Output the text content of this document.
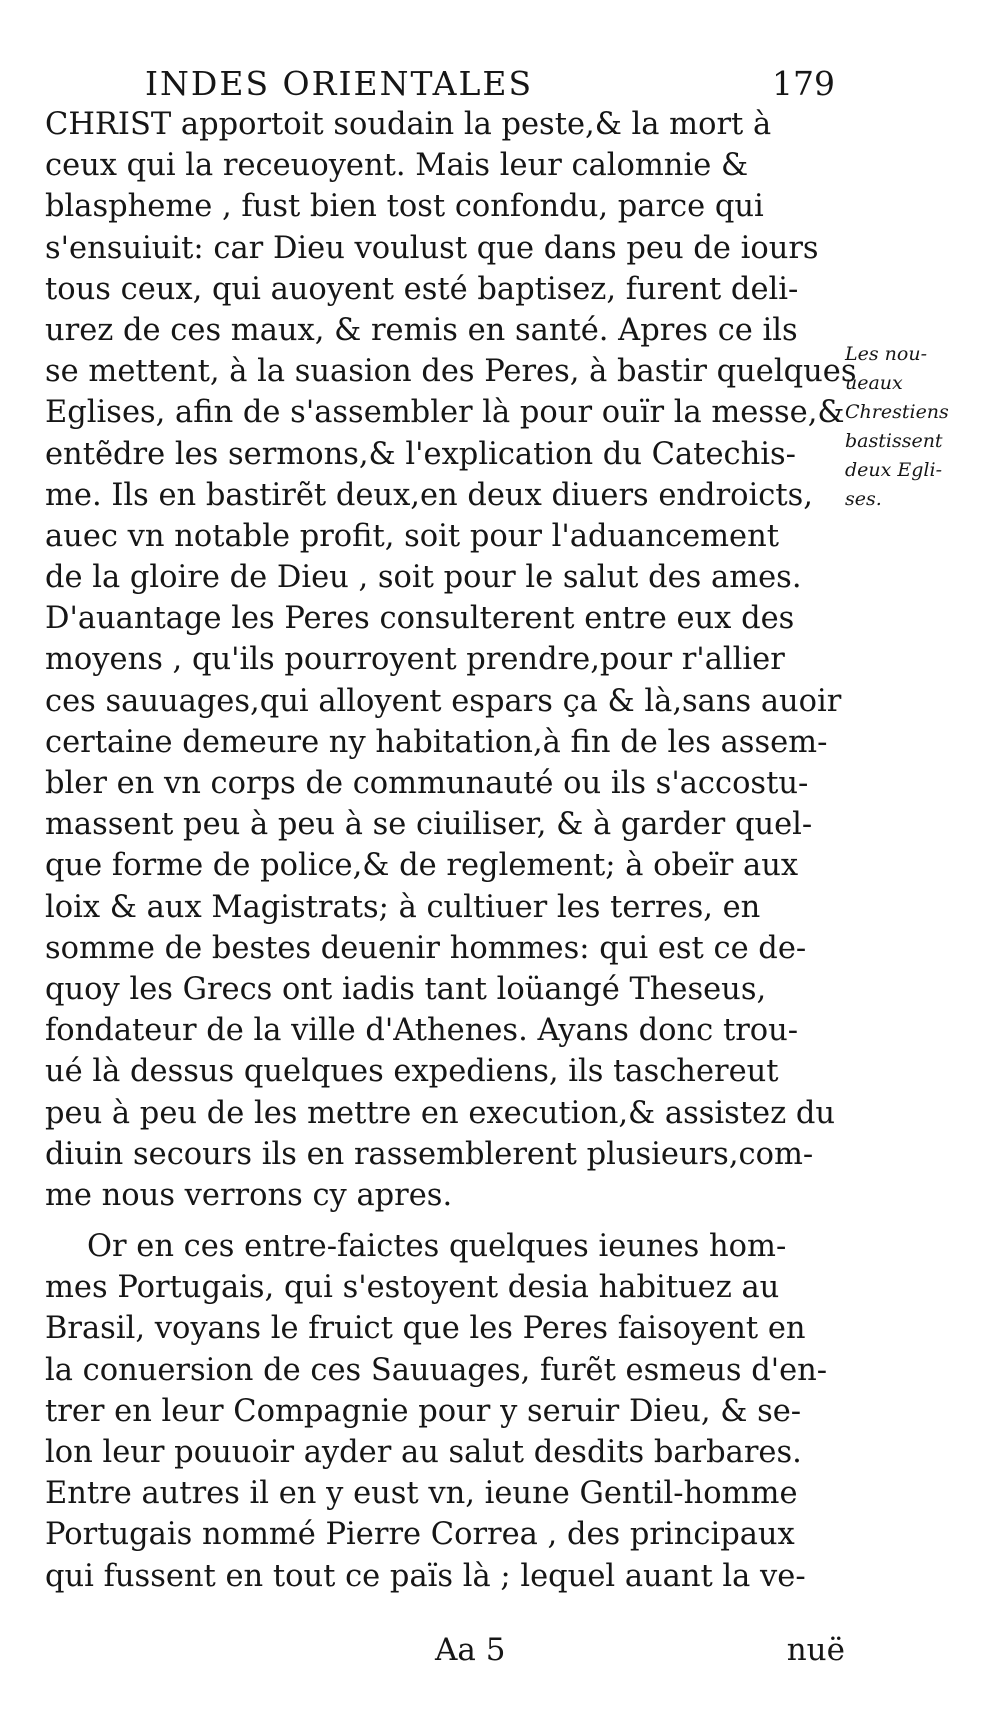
INDES ORIENTALES	179
CHRIST apportoit soudain la peste,& la mort à
ceux qui la receuoyent. Mais leur calomnie &
blaspheme , fust bien tost confondu, parce qui
s'ensuiuit: car Dieu voulust que dans peu de iours
tous ceux, qui auoyent esté baptisez, furent deli-
urez de ces maux, & remis en santé. Apres ce ils
se mettent, à la suasion des Peres, à bastir quelques
Eglises, afin de s'assembler là pour ouïr la messe,&
entẽdre les sermons,& l'explication du Catechis-
me. Ils en bastirẽt deux,en deux diuers endroicts,
auec vn notable profit, soit pour l'aduancement
de la gloire de Dieu , soit pour le salut des ames.
D'auantage les Peres consulterent entre eux des
moyens , qu'ils pourroyent prendre,pour r'allier
ces sauuages,qui alloyent espars ça & là,sans auoir
certaine demeure ny habitation,à fin de les assem-
bler en vn corps de communauté ou ils s'accostu-
massent peu à peu à se ciuiliser, & à garder quel-
que forme de police,& de reglement; à obeïr aux
loix & aux Magistrats; à cultiuer les terres, en
somme de bestes deuenir hommes: qui est ce de-
quoy les Grecs ont iadis tant loüangé Theseus,
fondateur de la ville d'Athenes. Ayans donc trou-
ué là dessus quelques expediens, ils taschereut
peu à peu de les mettre en execution,& assistez du
diuin secours ils en rassemblerent plusieurs,com-
me nous verrons cy apres.
Or en ces entre-faictes quelques ieunes hom-
mes Portugais, qui s'estoyent desia habituez au
Brasil, voyans le fruict que les Peres faisoyent en
la conuersion de ces Sauuages, furẽt esmeus d'en-
trer en leur Compagnie pour y seruir Dieu, & se-
lon leur pouuoir ayder au salut desdits barbares.
Entre autres il en y eust vn, ieune Gentil-homme
Portugais nommé Pierre Correa , des principaux
qui fussent en tout ce païs là ; lequel auant la ve-
Les nou-
ueaux
Chrestiens
bastissent
deux Egli-
ses.
Aa 5	nuë
